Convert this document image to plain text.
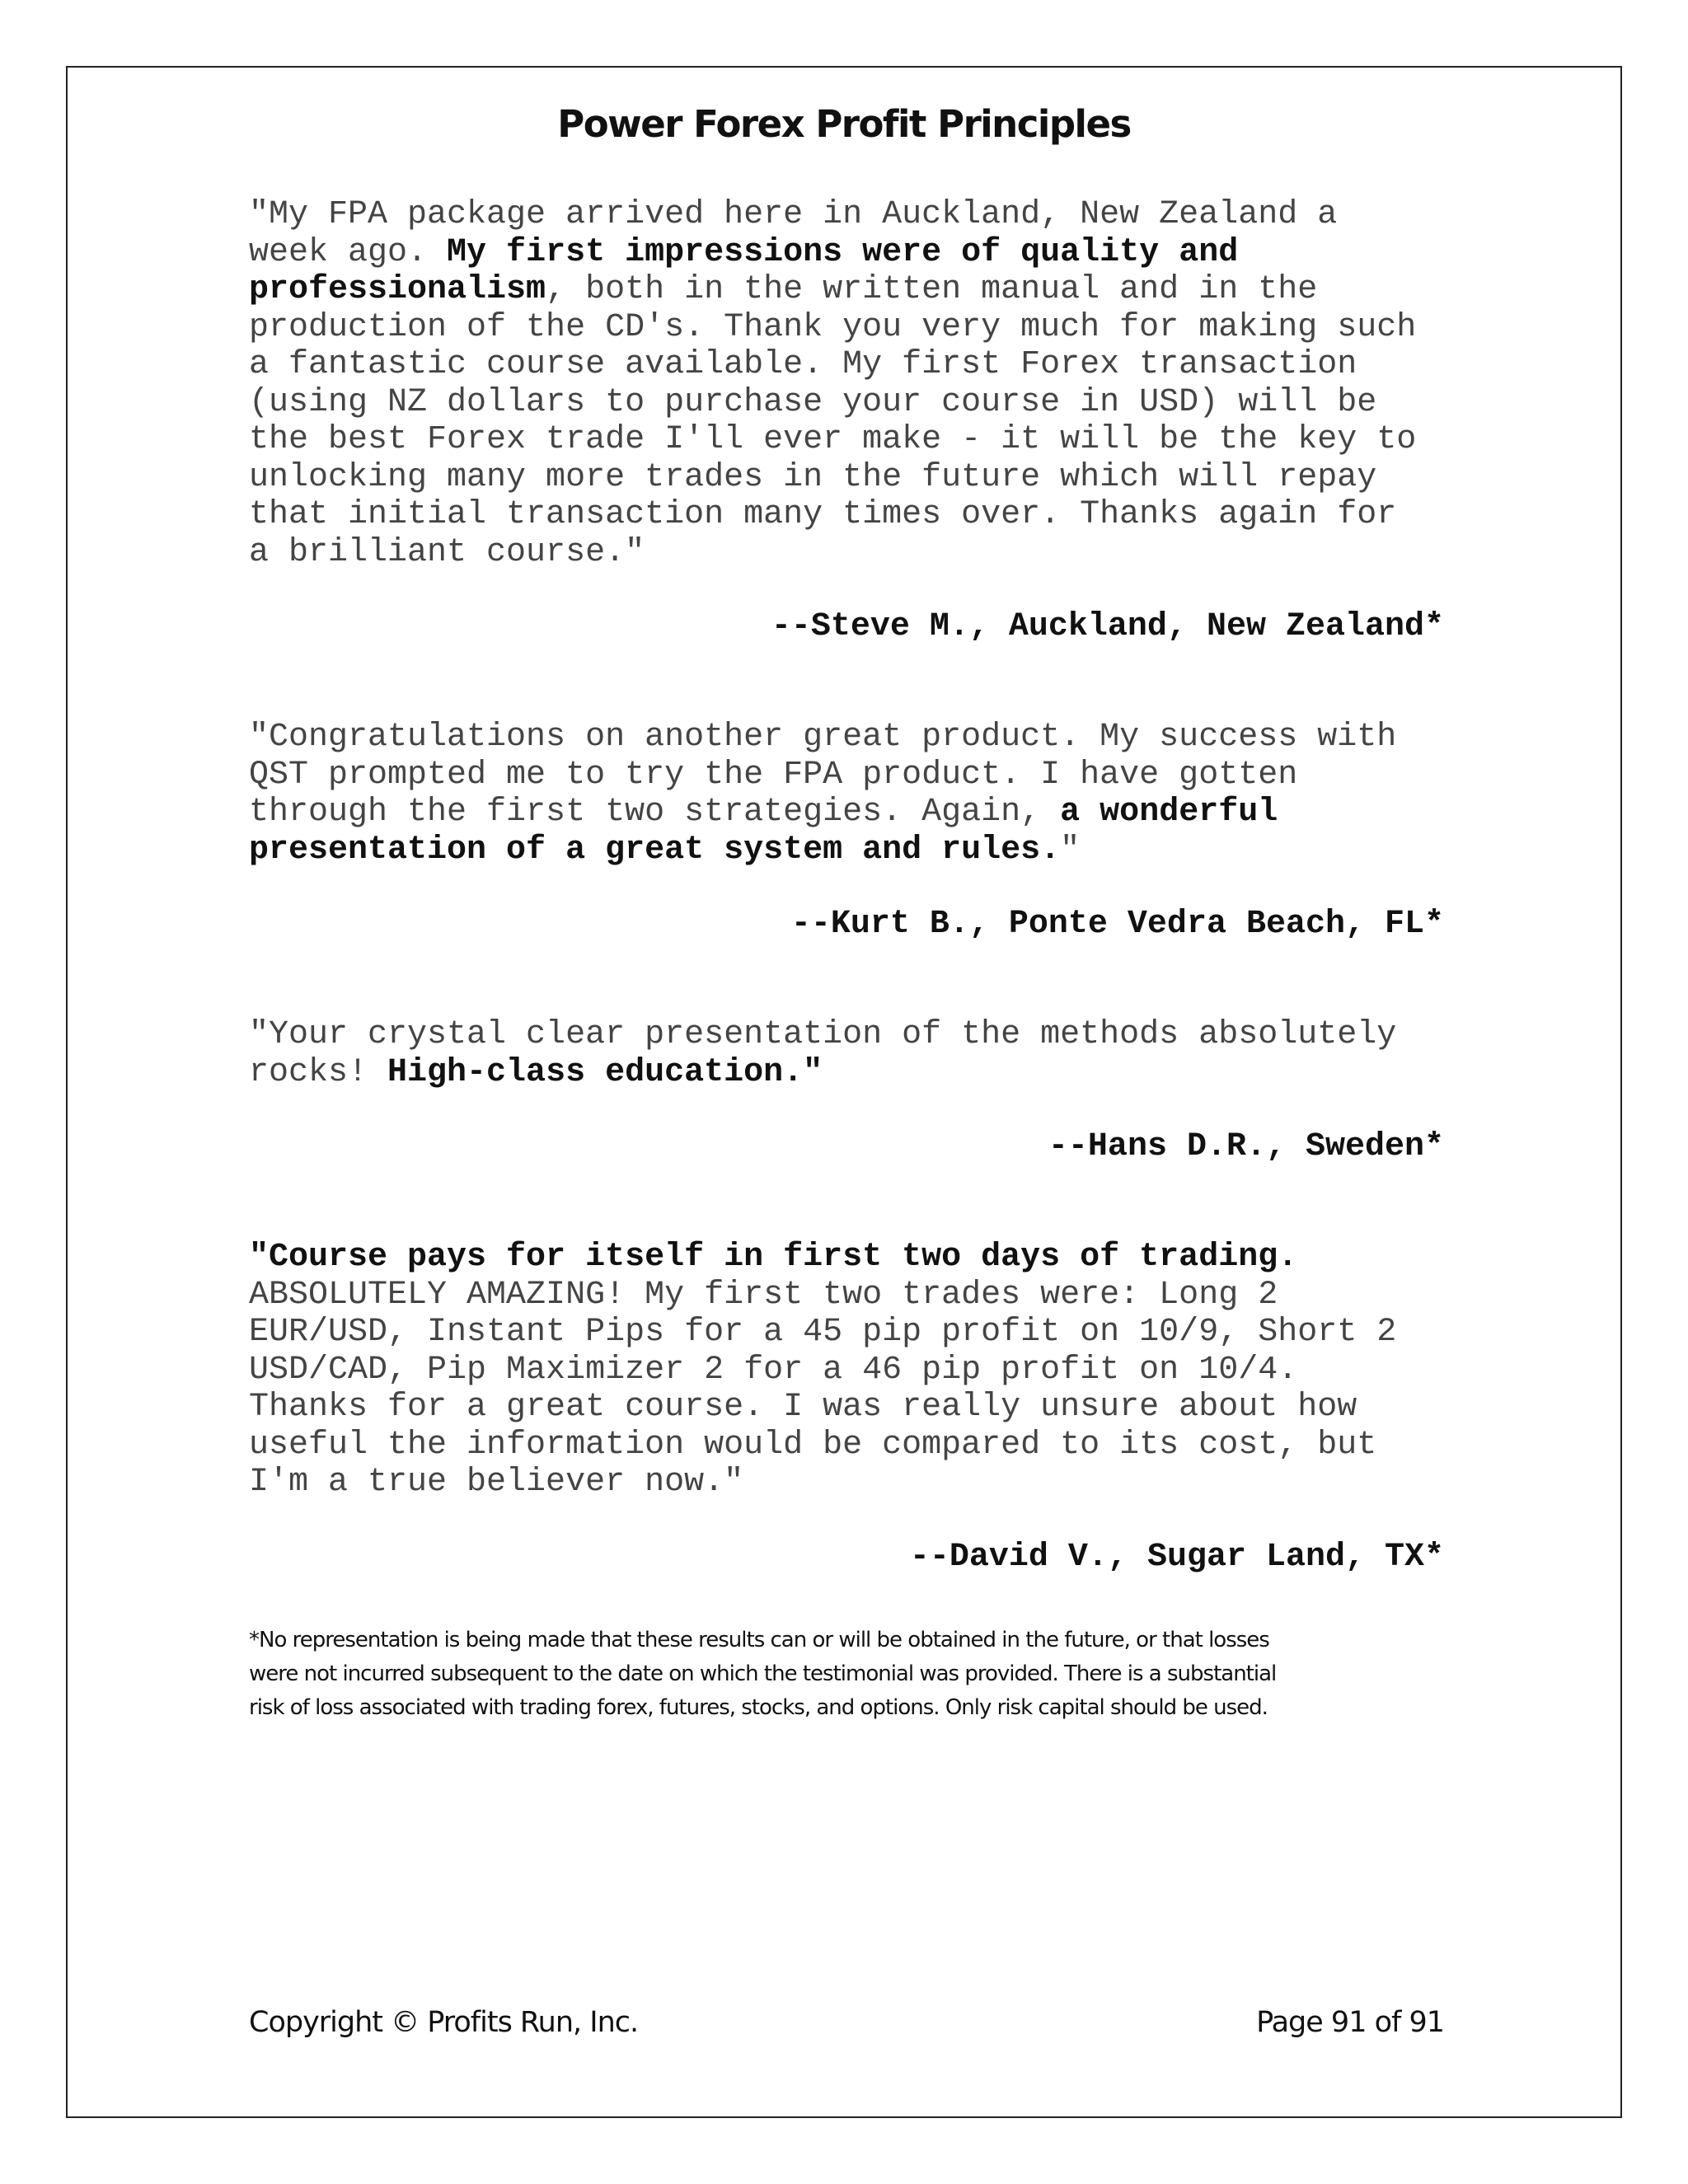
Power Forex Profit Principles

"My FPA package arrived here in Auckland, New Zealand a
week ago. My first impressions were of quality and
professionalism, both in the written manual and in the
production of the CD's. Thank you very much for making such
a fantastic course available. My first Forex transaction
(using NZ dollars to purchase your course in USD) will be
the best Forex trade I'll ever make - it will be the key to
unlocking many more trades in the future which will repay
that initial transaction many times over. Thanks again for
a brilliant course."

--Steve M., Auckland, New Zealand*

"Congratulations on another great product. My success with
QST prompted me to try the FPA product. I have gotten
through the first two strategies. Again, a wonderful
presentation of a great system and rules."

--Kurt B., Ponte Vedra Beach, FL*

"Your crystal clear presentation of the methods absolutely
rocks! High-class education."

--Hans D.R., Sweden*

"Course pays for itself in first two days of trading.
ABSOLUTELY AMAZING! My first two trades were: Long 2
EUR/USD, Instant Pips for a 45 pip profit on 10/9, Short 2
USD/CAD, Pip Maximizer 2 for a 46 pip profit on 10/4.
Thanks for a great course. I was really unsure about how
useful the information would be compared to its cost, but
I'm a true believer now."

--David V., Sugar Land, TX*

*No representation is being made that these results can or will be obtained in the future, or that losses
were not incurred subsequent to the date on which the testimonial was provided. There is a substantial
risk of loss associated with trading forex, futures, stocks, and options. Only risk capital should be used.

Copyright © Profits Run, Inc.	Page 91 of 91
